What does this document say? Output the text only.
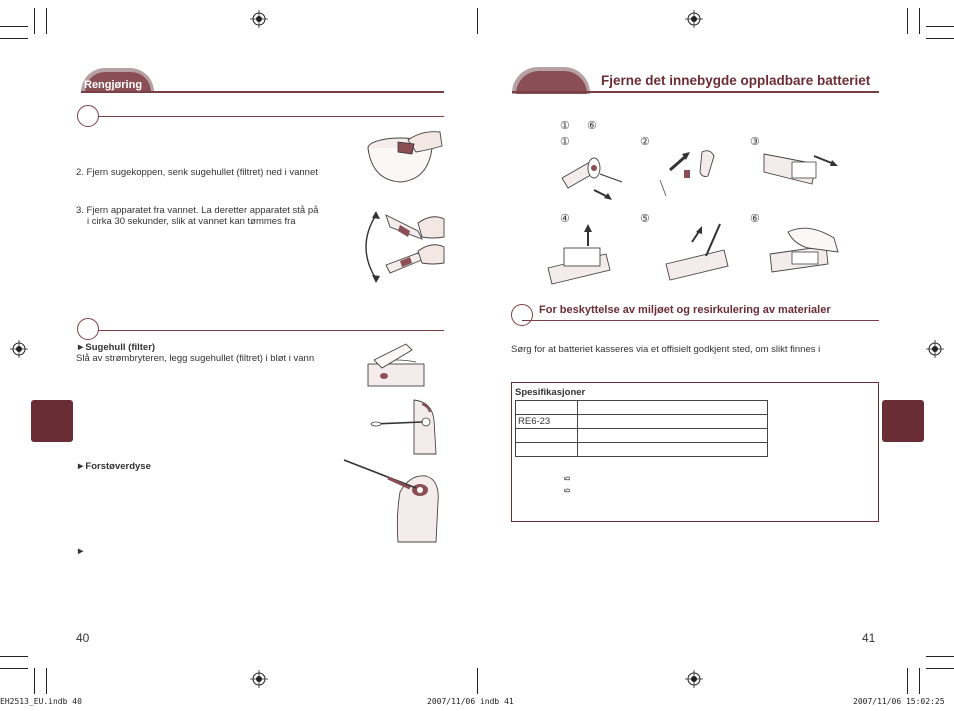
Rengjøring
2. Fjern sugekoppen, senk sugehullet (filtret) ned i vannet
3. Fjern apparatet fra vannet. La deretter apparatet stå på
i cirka 30 sekunder, slik at vannet kan tømmes fra
►Sugehull (filter)
Slå av strømbryteren, legg sugehullet (filtret) i bløt i vann
►Forstøverdyse
►
40
Fjerne det innebygde oppladbare batteriet
① ⑥
①	②	③
④	⑤	⑥
For beskyttelse av miljøet og resirkulering av materialer
Sørg for at batteriet kasseres via et offisielt godkjent sted, om slikt finnes i
Spesifikasjoner

RE6-23	

g
g
41
EH2513_EU.indb 40	2007/11/06 indb 41	2007/11/06 15:02:25
